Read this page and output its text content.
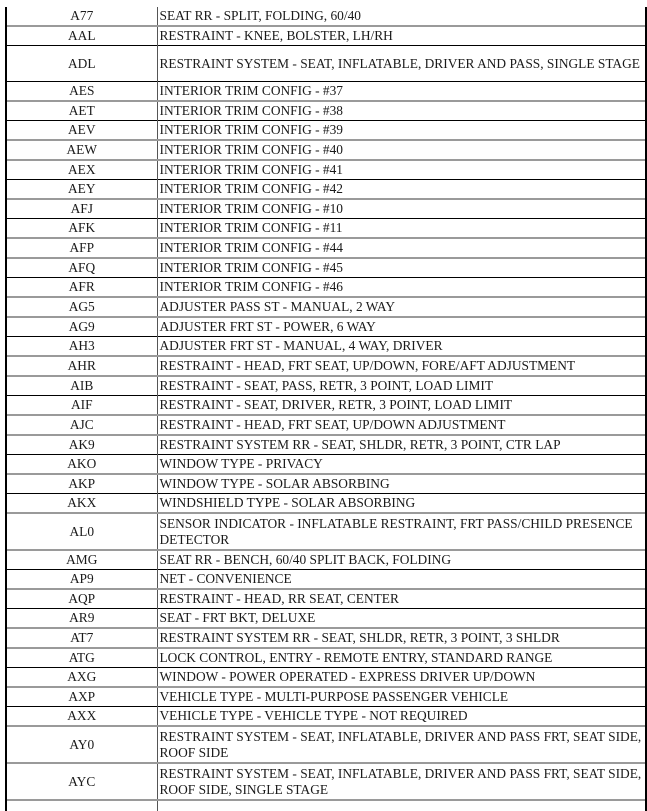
A77	SEAT RR - SPLIT, FOLDING, 60/40
AAL	RESTRAINT - KNEE, BOLSTER, LH/RH
ADL	RESTRAINT SYSTEM - SEAT, INFLATABLE, DRIVER AND PASS, SINGLE STAGE
AES	INTERIOR TRIM CONFIG - #37
AET	INTERIOR TRIM CONFIG - #38
AEV	INTERIOR TRIM CONFIG - #39
AEW	INTERIOR TRIM CONFIG - #40
AEX	INTERIOR TRIM CONFIG - #41
AEY	INTERIOR TRIM CONFIG - #42
AFJ	INTERIOR TRIM CONFIG - #10
AFK	INTERIOR TRIM CONFIG - #11
AFP	INTERIOR TRIM CONFIG - #44
AFQ	INTERIOR TRIM CONFIG - #45
AFR	INTERIOR TRIM CONFIG - #46
AG5	ADJUSTER PASS ST - MANUAL, 2 WAY
AG9	ADJUSTER FRT ST - POWER, 6 WAY
AH3	ADJUSTER FRT ST - MANUAL, 4 WAY, DRIVER
AHR	RESTRAINT - HEAD, FRT SEAT, UP/DOWN, FORE/AFT ADJUSTMENT
AIB	RESTRAINT - SEAT, PASS, RETR, 3 POINT, LOAD LIMIT
AIF	RESTRAINT - SEAT, DRIVER, RETR, 3 POINT, LOAD LIMIT
AJC	RESTRAINT - HEAD, FRT SEAT, UP/DOWN ADJUSTMENT
AK9	RESTRAINT SYSTEM RR - SEAT, SHLDR, RETR, 3 POINT, CTR LAP
AKO	WINDOW TYPE - PRIVACY
AKP	WINDOW TYPE - SOLAR ABSORBING
AKX	WINDSHIELD TYPE - SOLAR ABSORBING
AL0	SENSOR INDICATOR - INFLATABLE RESTRAINT, FRT PASS/CHILD PRESENCE DETECTOR
AMG	SEAT RR - BENCH, 60/40 SPLIT BACK, FOLDING
AP9	NET - CONVENIENCE
AQP	RESTRAINT - HEAD, RR SEAT, CENTER
AR9	SEAT - FRT BKT, DELUXE
AT7	RESTRAINT SYSTEM RR - SEAT, SHLDR, RETR, 3 POINT, 3 SHLDR
ATG	LOCK CONTROL, ENTRY - REMOTE ENTRY, STANDARD RANGE
AXG	WINDOW - POWER OPERATED - EXPRESS DRIVER UP/DOWN
AXP	VEHICLE TYPE - MULTI-PURPOSE PASSENGER VEHICLE
AXX	VEHICLE TYPE - VEHICLE TYPE - NOT REQUIRED
AY0	RESTRAINT SYSTEM - SEAT, INFLATABLE, DRIVER AND PASS FRT, SEAT SIDE, ROOF SIDE
AYC	RESTRAINT SYSTEM - SEAT, INFLATABLE, DRIVER AND PASS FRT, SEAT SIDE, ROOF SIDE, SINGLE STAGE
